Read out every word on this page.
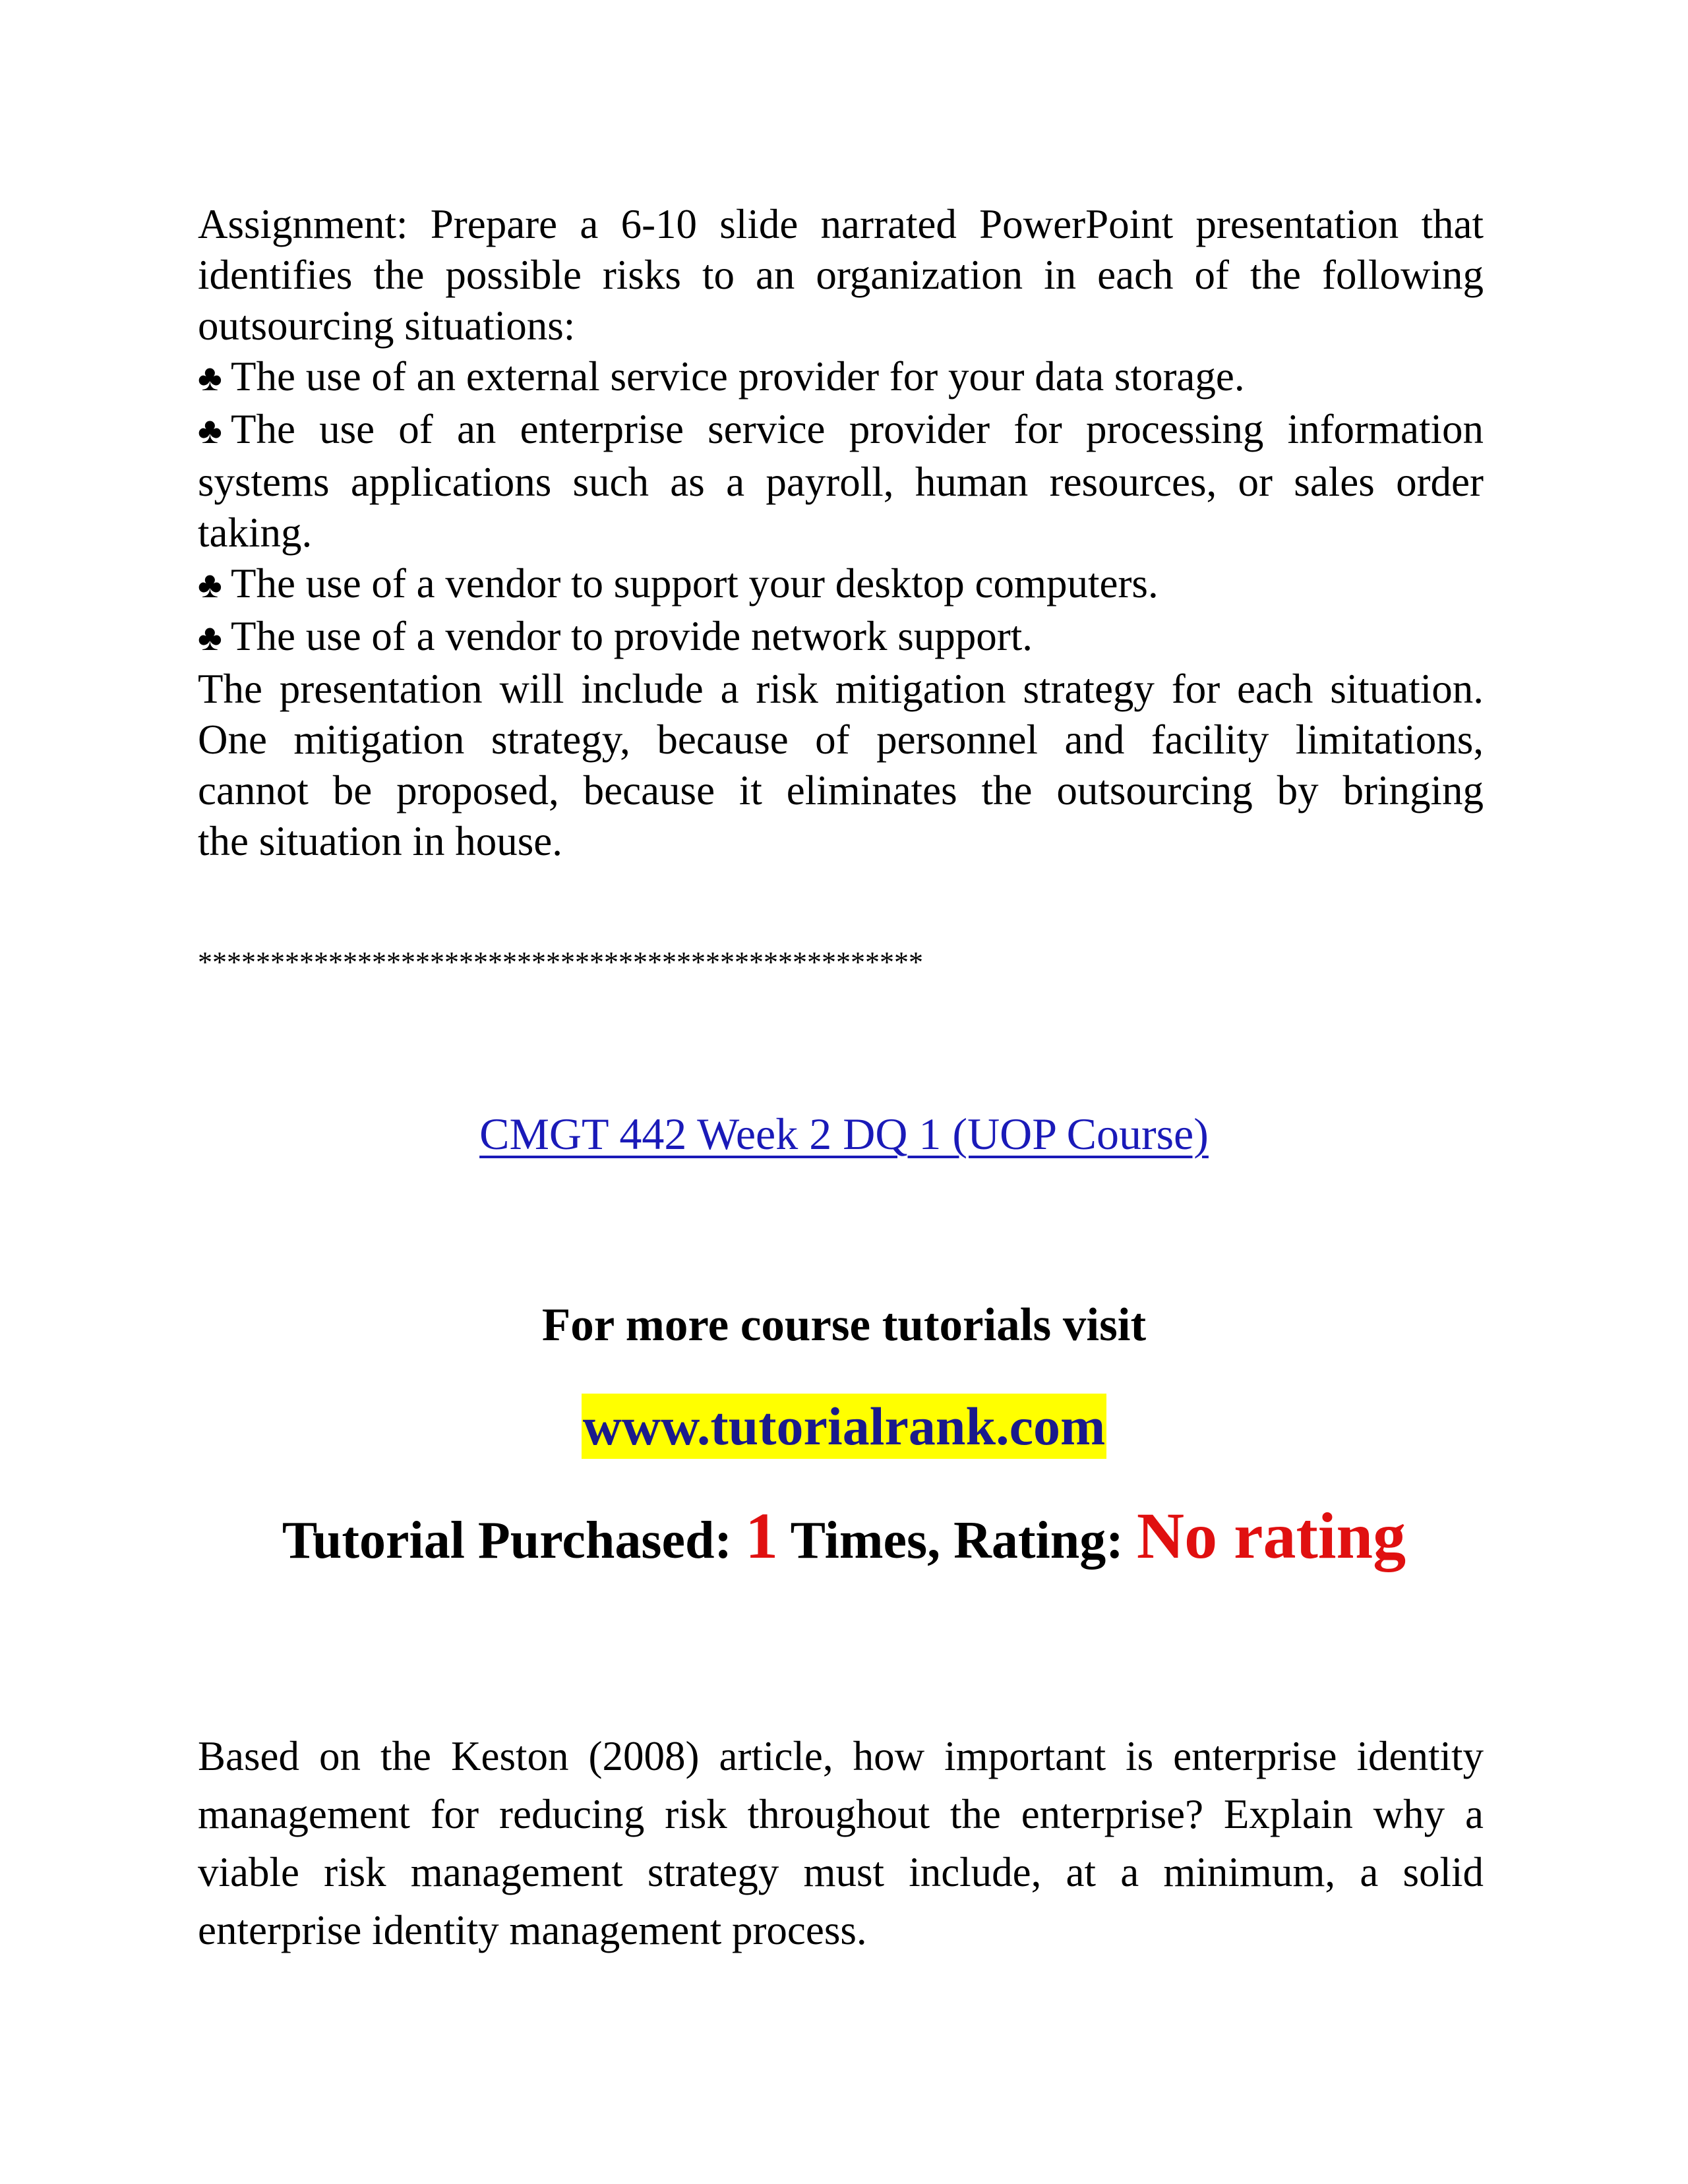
Assignment: Prepare a 6-10 slide narrated PowerPoint presentation that
identifies the possible risks to an organization in each of the following
outsourcing situations:
♣ The use of an external service provider for your data storage.
♣ The use of an enterprise service provider for processing information
systems applications such as a payroll, human resources, or sales order
taking.
♣ The use of a vendor to support your desktop computers.
♣ The use of a vendor to provide network support.
The presentation will include a risk mitigation strategy for each situation.
One mitigation strategy, because of personnel and facility limitations,
cannot be proposed, because it eliminates the outsourcing by bringing
the situation in house.
**************************************************
CMGT 442 Week 2 DQ 1 (UOP Course)
For more course tutorials visit
www.tutorialrank.com
Tutorial Purchased: 1 Times, Rating: No rating
Based on the Keston (2008) article, how important is enterprise identity
management for reducing risk throughout the enterprise? Explain why a
viable risk management strategy must include, at a minimum, a solid
enterprise identity management process.
